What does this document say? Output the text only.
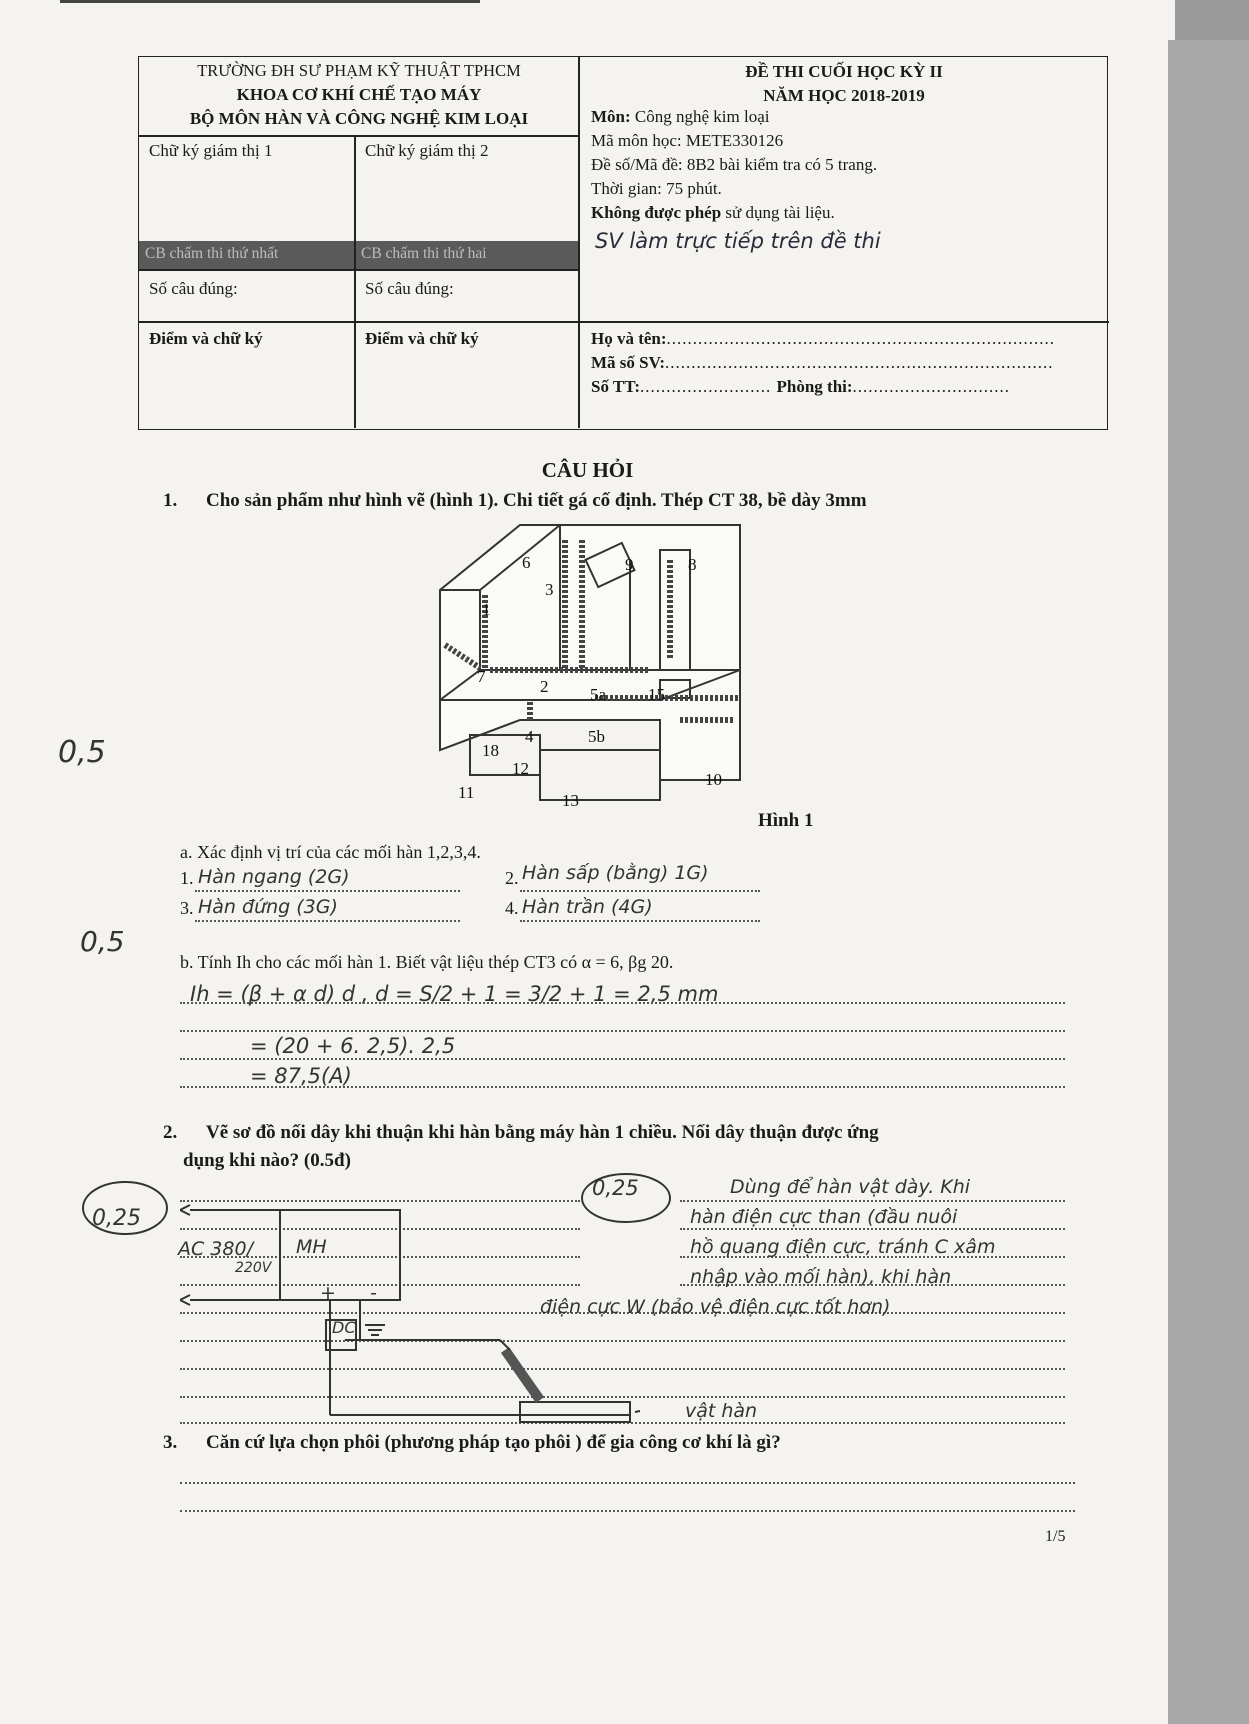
TRƯỜNG ĐH SƯ PHẠM KỸ THUẬT TPHCM
KHOA CƠ KHÍ CHẾ TẠO MÁY
BỘ MÔN HÀN VÀ CÔNG NGHỆ KIM LOẠI
Chữ ký giám thị 1	Chữ ký giám thị 2
CB chấm thi thứ nhất	CB chấm thi thứ hai
Số câu đúng:	Số câu đúng:
Điểm và chữ ký	Điểm và chữ ký
ĐỀ THI CUỐI HỌC KỲ II
NĂM HỌC 2018-2019
Môn: Công nghệ kim loại
Mã môn học: METE330126
Đề số/Mã đề: 8B2 bài kiểm tra có 5 trang.
Thời gian: 75 phút.
Không được phép sử dụng tài liệu.
SV làm trực tiếp trên đề thi
Họ và tên:..........................................................................
Mã số SV:..........................................................................
Số TT:......................... Phòng thi:..............................
CÂU HỎI
1. Cho sản phẩm như hình vẽ (hình 1). Chi tiết gá cố định. Thép CT 38, bề dày 3mm
1
2
3
4
5a
5b
6
7
8
9
10
11
12
13
15
18
Hình 1
0,5
a. Xác định vị trí của các mối hàn 1,2,3,4.
1. Hàn ngang (2G)	2. Hàn sấp (bằng) 1G)
3. Hàn đứng (3G)	4. Hàn trần (4G)
0,5
b. Tính Ih cho các mối hàn 1. Biết vật liệu thép CT3 có α = 6, βg 20.
Ih = (β + α d) d , d = S/2 + 1 = 3/2 + 1 = 2,5 mm
= (20 + 6. 2,5). 2,5
= 87,5(A)
2. Vẽ sơ đồ nối dây khi thuận khi hàn bằng máy hàn 1 chiều. Nối dây thuận được ứng
dụng khi nào? (0.5đ)
0,25
0,25
AC 380/
220V
MH
+ -
DC
vật hàn
Dùng để hàn vật dày. Khi
hàn điện cực than (đầu nuôi
hồ quang điện cực, tránh C xâm
nhập vào mối hàn), khi hàn
điện cực W (bảo vệ điện cực tốt hơn)
3. Căn cứ lựa chọn phôi (phương pháp tạo phôi ) để gia công cơ khí là gì?
1/5
